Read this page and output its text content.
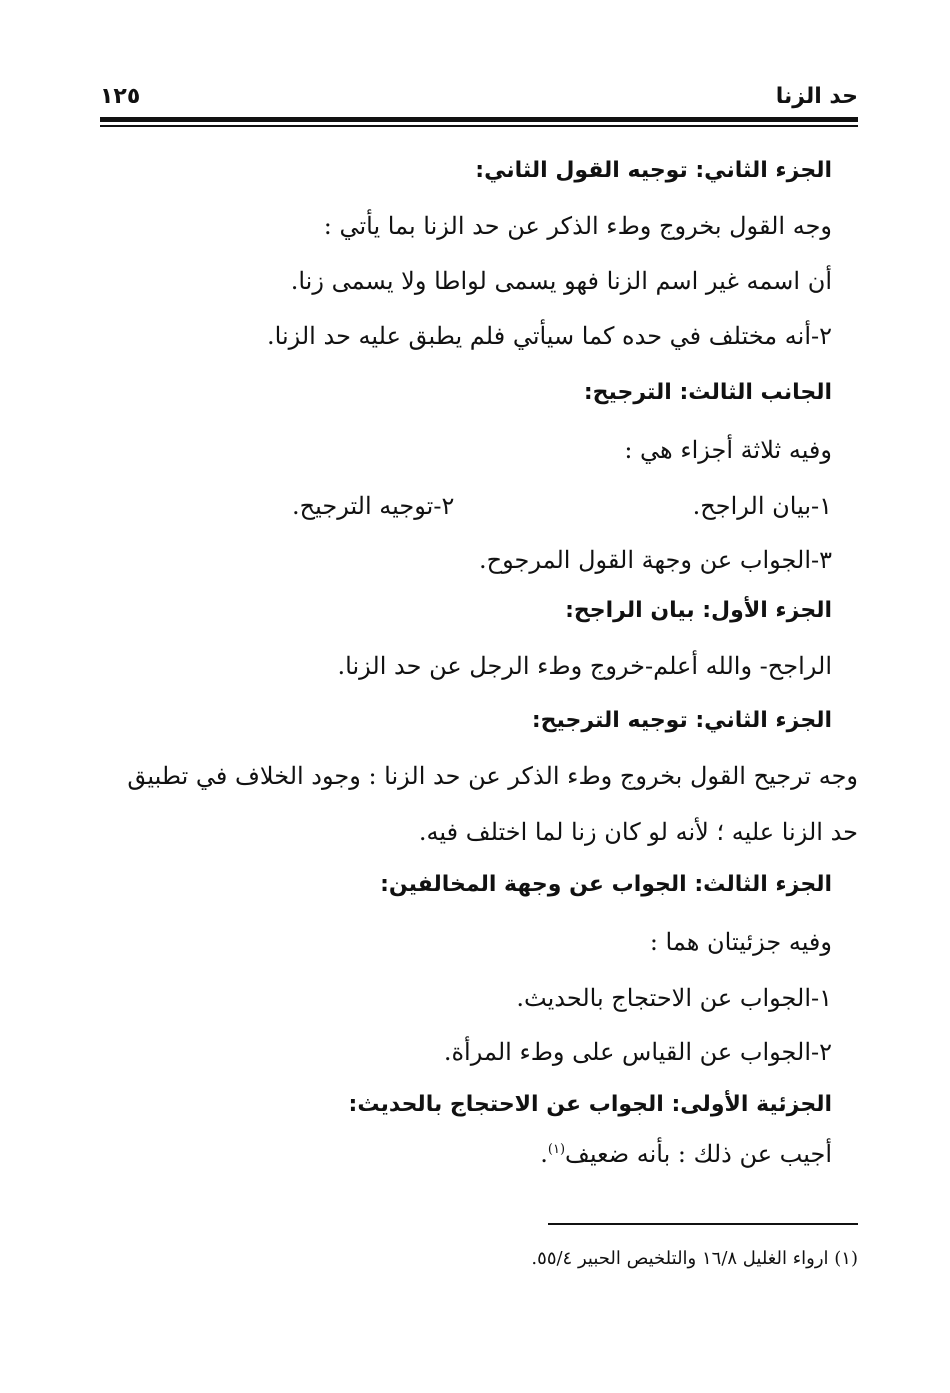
حد الزنا
١٢٥
الجزء الثاني: توجيه القول الثاني:
وجه القول بخروج وطء الذكر عن حد الزنا بما يأتي :
أن اسمه غير اسم الزنا فهو يسمى لواطا ولا يسمى زنا.
٢-أنه مختلف في حده كما سيأتي فلم يطبق عليه حد الزنا.
الجانب الثالث: الترجيح:
وفيه ثلاثة أجزاء هي :
١-بيان الراجح.
٢-توجيه الترجيح.
٣-الجواب عن وجهة القول المرجوح.
الجزء الأول: بيان الراجح:
الراجح- والله أعلم-خروج وطء الرجل عن حد الزنا.
الجزء الثاني: توجيه الترجيح:
وجه ترجيح القول بخروج وطء الذكر عن حد الزنا : وجود الخلاف في تطبيق
حد الزنا عليه ؛ لأنه لو كان زنا لما اختلف فيه.
الجزء الثالث: الجواب عن وجهة المخالفين:
وفيه جزئيتان هما :
١-الجواب عن الاحتجاج بالحديث.
٢-الجواب عن القياس على وطء المرأة.
الجزئية الأولى: الجواب عن الاحتجاج بالحديث:
أجيب عن ذلك : بأنه ضعيف$^{(١)}$.
(١) ارواء الغليل ١٦/٨ والتلخيص الحبير ٥٥/٤.
